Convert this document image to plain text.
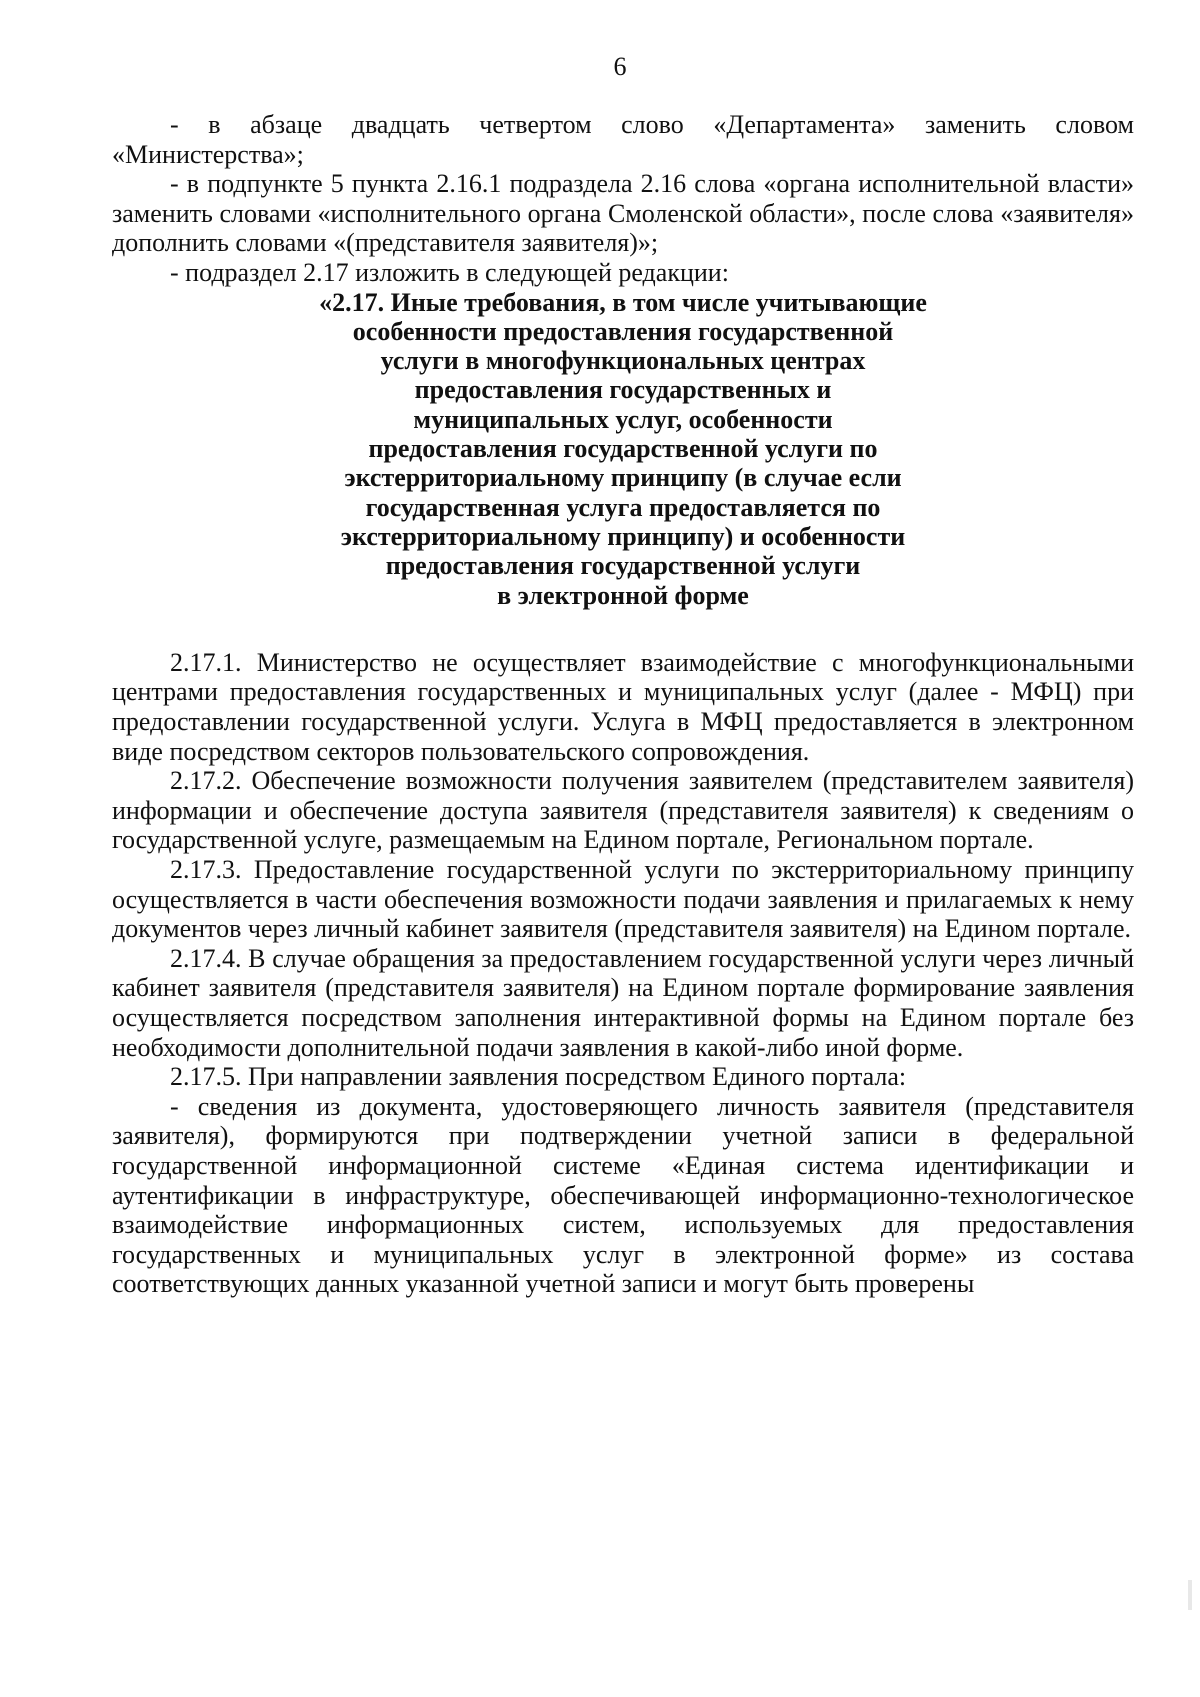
6

- в абзаце двадцать четвертом слово «Департамента» заменить словом «Министерства»;

- в подпункте 5 пункта 2.16.1 подраздела 2.16 слова «органа исполнительной власти» заменить словами «исполнительного органа Смоленской области», после слова «заявителя» дополнить словами «(представителя заявителя)»;

- подраздел 2.17 изложить в следующей редакции:

«2.17. Иные требования, в том числе учитывающие
особенности предоставления государственной
услуги в многофункциональных центрах
предоставления государственных и
муниципальных услуг, особенности
предоставления государственной услуги по
экстерриториальному принципу (в случае если
государственная услуга предоставляется по
экстерриториальному принципу) и особенности
предоставления государственной услуги
в электронной форме

2.17.1. Министерство не осуществляет взаимодействие с многофункциональными центрами предоставления государственных и муниципальных услуг (далее - МФЦ) при предоставлении государственной услуги. Услуга в МФЦ предоставляется в электронном виде посредством секторов пользовательского сопровождения.

2.17.2. Обеспечение возможности получения заявителем (представителем заявителя) информации и обеспечение доступа заявителя (представителя заявителя) к сведениям о государственной услуге, размещаемым на Едином портале, Региональном портале.

2.17.3. Предоставление государственной услуги по экстерриториальному принципу осуществляется в части обеспечения возможности подачи заявления и прилагаемых к нему документов через личный кабинет заявителя (представителя заявителя) на Едином портале.

2.17.4. В случае обращения за предоставлением государственной услуги через личный кабинет заявителя (представителя заявителя) на Едином портале формирование заявления осуществляется посредством заполнения интерактивной формы на Едином портале без необходимости дополнительной подачи заявления в какой-либо иной форме.

2.17.5. При направлении заявления посредством Единого портала:

- сведения из документа, удостоверяющего личность заявителя (представителя заявителя), формируются при подтверждении учетной записи в федеральной государственной информационной системе «Единая система идентификации и аутентификации в инфраструктуре, обеспечивающей информационно-технологическое взаимодействие информационных систем, используемых для предоставления государственных и муниципальных услуг в электронной форме» из состава соответствующих данных указанной учетной записи и могут быть проверены
